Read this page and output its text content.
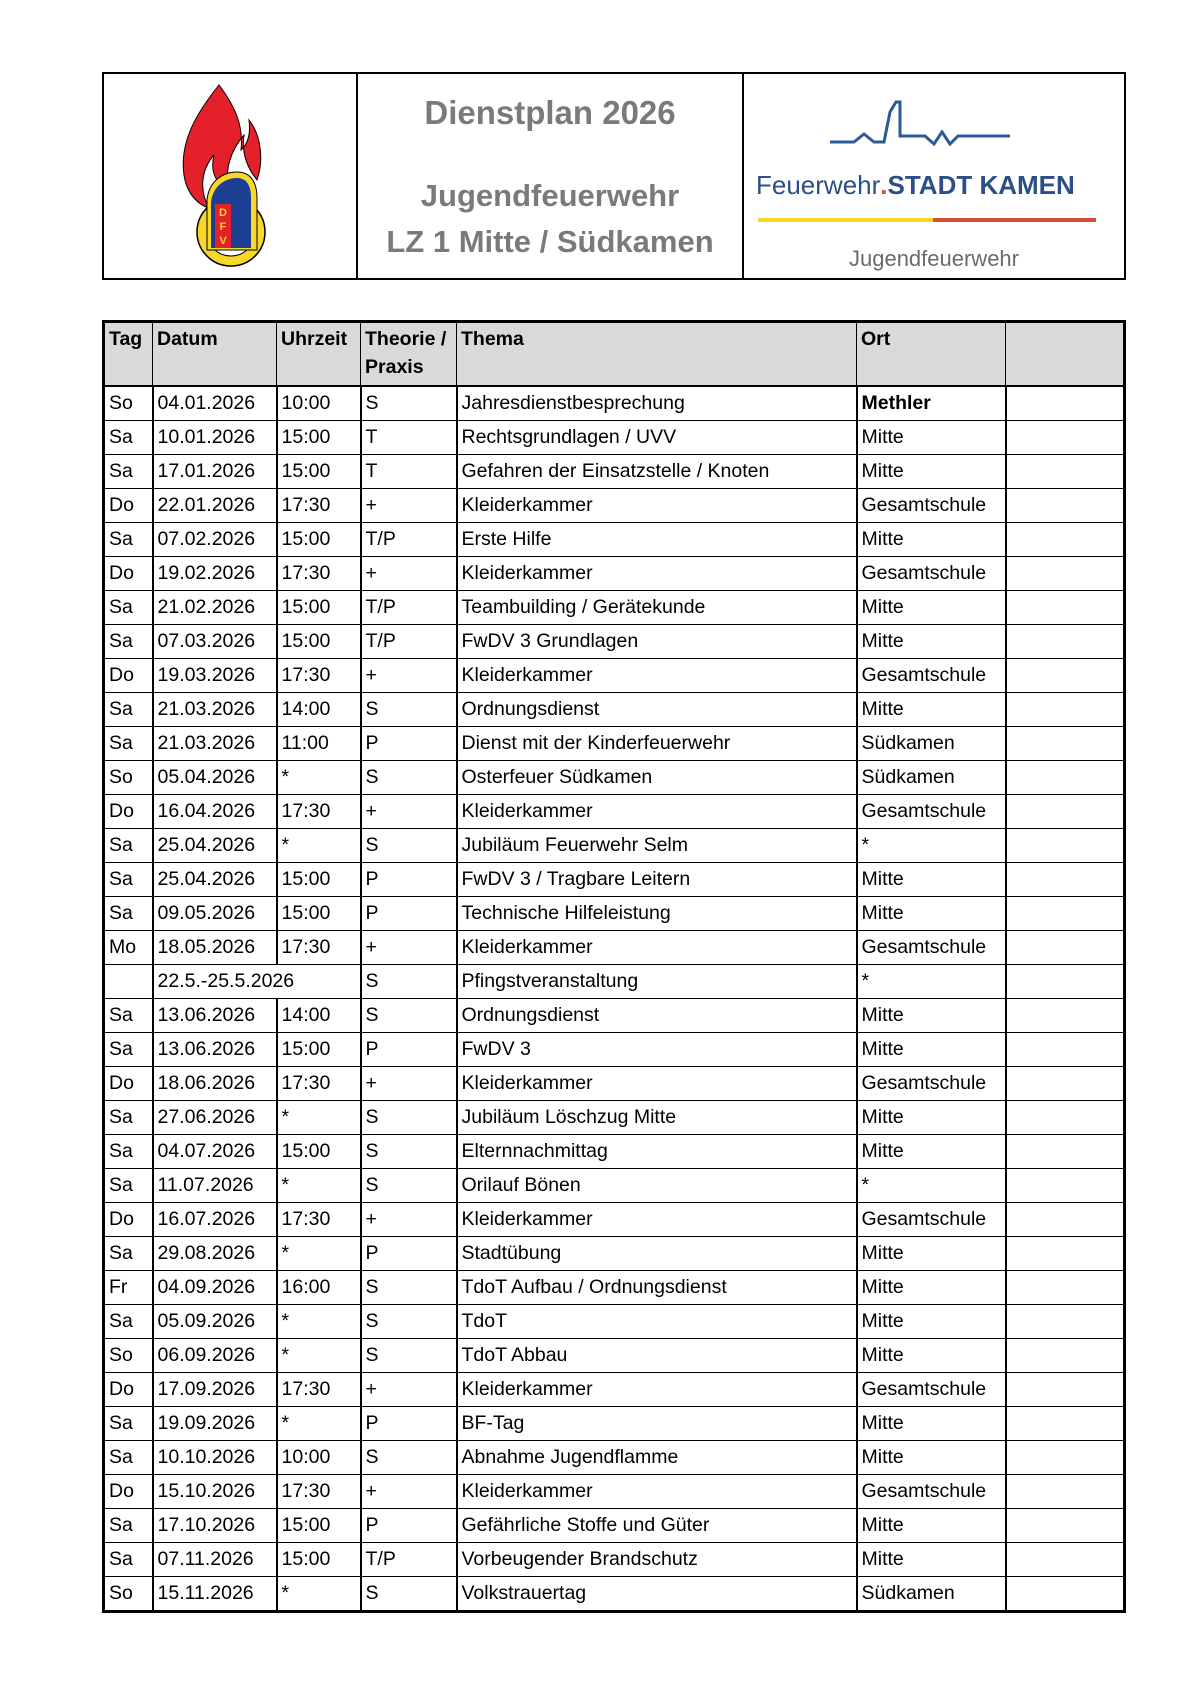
D
F
V
Dienstplan 2026
Jugendfeuerwehr
LZ 1 Mitte / Südkamen
Feuerwehr.STADT KAMEN
Jugendfeuerwehr
Tag	Datum	Uhrzeit	Theorie / Praxis	Thema	Ort	
So	04.01.2026	10:00	S	Jahresdienstbesprechung	Methler	
Sa	10.01.2026	15:00	T	Rechtsgrundlagen / UVV	Mitte	
Sa	17.01.2026	15:00	T	Gefahren der Einsatzstelle / Knoten	Mitte	
Do	22.01.2026	17:30	+	Kleiderkammer	Gesamtschule	
Sa	07.02.2026	15:00	T/P	Erste Hilfe	Mitte	
Do	19.02.2026	17:30	+	Kleiderkammer	Gesamtschule	
Sa	21.02.2026	15:00	T/P	Teambuilding / Gerätekunde	Mitte	
Sa	07.03.2026	15:00	T/P	FwDV 3 Grundlagen	Mitte	
Do	19.03.2026	17:30	+	Kleiderkammer	Gesamtschule	
Sa	21.03.2026	14:00	S	Ordnungsdienst	Mitte	
Sa	21.03.2026	11:00	P	Dienst mit der Kinderfeuerwehr	Südkamen	
So	05.04.2026	*	S	Osterfeuer Südkamen	Südkamen	
Do	16.04.2026	17:30	+	Kleiderkammer	Gesamtschule	
Sa	25.04.2026	*	S	Jubiläum Feuerwehr Selm	*	
Sa	25.04.2026	15:00	P	FwDV 3 / Tragbare Leitern	Mitte	
Sa	09.05.2026	15:00	P	Technische Hilfeleistung	Mitte	
Mo	18.05.2026	17:30	+	Kleiderkammer	Gesamtschule	
	22.5.-25.5.2026		S	Pfingstveranstaltung	*	
Sa	13.06.2026	14:00	S	Ordnungsdienst	Mitte	
Sa	13.06.2026	15:00	P	FwDV 3	Mitte	
Do	18.06.2026	17:30	+	Kleiderkammer	Gesamtschule	
Sa	27.06.2026	*	S	Jubiläum Löschzug Mitte	Mitte	
Sa	04.07.2026	15:00	S	Elternnachmittag	Mitte	
Sa	11.07.2026	*	S	Orilauf Bönen	*	
Do	16.07.2026	17:30	+	Kleiderkammer	Gesamtschule	
Sa	29.08.2026	*	P	Stadtübung	Mitte	
Fr	04.09.2026	16:00	S	TdoT Aufbau / Ordnungsdienst	Mitte	
Sa	05.09.2026	*	S	TdoT	Mitte	
So	06.09.2026	*	S	TdoT Abbau	Mitte	
Do	17.09.2026	17:30	+	Kleiderkammer	Gesamtschule	
Sa	19.09.2026	*	P	BF-Tag	Mitte	
Sa	10.10.2026	10:00	S	Abnahme Jugendflamme	Mitte	
Do	15.10.2026	17:30	+	Kleiderkammer	Gesamtschule	
Sa	17.10.2026	15:00	P	Gefährliche Stoffe und Güter	Mitte	
Sa	07.11.2026	15:00	T/P	Vorbeugender Brandschutz	Mitte	
So	15.11.2026	*	S	Volkstrauertag	Südkamen	
